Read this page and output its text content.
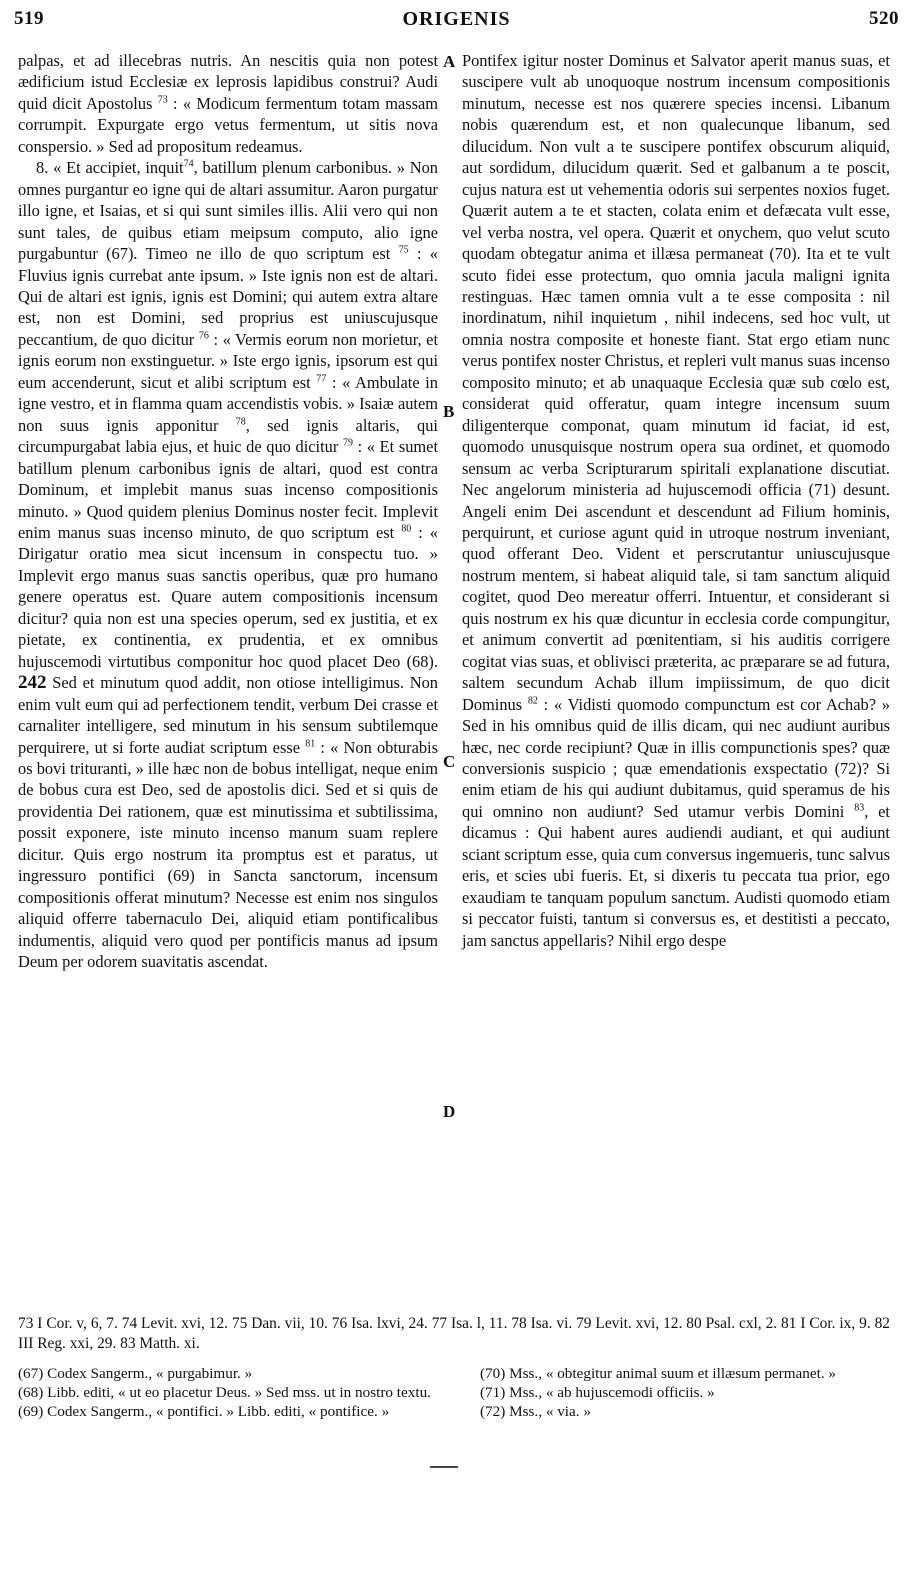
519	ORIGENIS	520

palpas, et ad illecebras nutris. An nescitis quia non potest ædificium istud Ecclesiæ ex leprosis lapidibus construi? Audi quid dicit Apostolus $^{73}$ : « Modicum fermentum totam massam corrumpit. Expurgate ergo vetus fermentum, ut sitis nova conspersio. » Sed ad propositum redeamus.

8. « Et accipiet, inquit$^{74}$, batillum plenum carbonibus. » Non omnes purgantur eo igne qui de altari assumitur. Aaron purgatur illo igne, et Isaias, et si qui sunt similes illis. Alii vero qui non sunt tales, de quibus etiam meipsum computo, alio igne purgabuntur (67). Timeo ne illo de quo scriptum est $^{75}$ : « Fluvius ignis currebat ante ipsum. » Iste ignis non est de altari. Qui de altari est ignis, ignis est Domini; qui autem extra altare est, non est Domini, sed proprius est uniuscujusque peccantium, de quo dicitur $^{76}$ : « Vermis eorum non morietur, et ignis eorum non exstinguetur. » Iste ergo ignis, ipsorum est qui eum accenderunt, sicut et alibi scriptum est $^{77}$ : « Ambulate in igne vestro, et in flamma quam accendistis vobis. » Isaiæ autem non suus ignis apponitur $^{78}$, sed ignis altaris, qui circumpurgabat labia ejus, et huic de quo dicitur $^{79}$ : « Et sumet batillum plenum carbonibus ignis de altari, quod est contra Dominum, et implebit manus suas incenso compositionis minuto. » Quod quidem plenius Dominus noster fecit. Implevit enim manus suas incenso minuto, de quo scriptum est $^{80}$ : « Dirigatur oratio mea sicut incensum in conspectu tuo. » Implevit ergo manus suas sanctis operibus, quæ pro humano genere operatus est. Quare autem compositionis incensum dicitur? quia non est una species operum, sed ex justitia, et ex pietate, ex continentia, ex prudentia, et ex omnibus hujuscemodi virtutibus componitur hoc quod placet Deo (68). 242 Sed et minutum quod addit, non otiose intelligimus. Non enim vult eum qui ad perfectionem tendit, verbum Dei crasse et carnaliter intelligere, sed minutum in his sensum subtilemque perquirere, ut si forte audiat scriptum esse $^{81}$ : « Non obturabis os bovi trituranti, » ille hæc non de bobus intelligat, neque enim de bobus cura est Deo, sed de apostolis dici. Sed et si quis de providentia Dei rationem, quæ est minutissima et subtilissima, possit exponere, iste minuto incenso manum suam replere dicitur. Quis ergo nostrum ita promptus est et paratus, ut ingressuro pontifici (69) in Sancta sanctorum, incensum compositionis offerat minutum? Necesse est enim nos singulos aliquid offerre tabernaculo Dei, aliquid etiam pontificalibus indumentis, aliquid vero quod per pontificis manus ad ipsum Deum per odorem suavitatis ascendat.

A
B
C
D

Pontifex igitur noster Dominus et Salvator aperit manus suas, et suscipere vult ab unoquoque nostrum incensum compositionis minutum, necesse est nos quærere species incensi. Libanum nobis quærendum est, et non qualecunque libanum, sed dilucidum. Non vult a te suscipere pontifex obscurum aliquid, aut sordidum, dilucidum quærit. Sed et galbanum a te poscit, cujus natura est ut vehementia odoris sui serpentes noxios fuget. Quærit autem a te et stacten, colata enim et defæcata vult esse, vel verba nostra, vel opera. Quærit et onychem, quo velut scuto quodam obtegatur anima et illæsa permaneat (70). Ita et te vult scuto fidei esse protectum, quo omnia jacula maligni ignita restinguas. Hæc tamen omnia vult a te esse composita : nil inordinatum, nihil inquietum , nihil indecens, sed hoc vult, ut omnia nostra composite et honeste fiant. Stat ergo etiam nunc verus pontifex noster Christus, et repleri vult manus suas incenso composito minuto; et ab unaquaque Ecclesia quæ sub cœlo est, considerat quid offeratur, quam integre incensum suum diligenterque componat, quam minutum id faciat, id est, quomodo unusquisque nostrum opera sua ordinet, et quomodo sensum ac verba Scripturarum spiritali explanatione discutiat. Nec angelorum ministeria ad hujuscemodi officia (71) desunt. Angeli enim Dei ascendunt et descendunt ad Filium hominis, perquirunt, et curiose agunt quid in utroque nostrum inveniant, quod offerant Deo. Vident et perscrutantur uniuscujusque nostrum mentem, si habeat aliquid tale, si tam sanctum aliquid cogitet, quod Deo mereatur offerri. Intuentur, et considerant si quis nostrum ex his quæ dicuntur in ecclesia corde compungitur, et animum convertit ad pœnitentiam, si his auditis corrigere cogitat vias suas, et oblivisci præterita, ac præparare se ad futura, saltem secundum Achab illum impiissimum, de quo dicit Dominus $^{82}$ : « Vidisti quomodo compunctum est cor Achab? » Sed in his omnibus quid de illis dicam, qui nec audiunt auribus hæc, nec corde recipiunt? Quæ in illis compunctionis spes? quæ conversionis suspicio ; quæ emendationis exspectatio (72)? Si enim etiam de his qui audiunt dubitamus, quid speramus de his qui omnino non audiunt? Sed utamur verbis Domini $^{83}$, et dicamus : Qui habent aures audiendi audiant, et qui audiunt sciant scriptum esse, quia cum conversus ingemueris, tunc salvus eris, et scies ubi fueris. Et, si dixeris tu peccata tua prior, ego exaudiam te tanquam populum sanctum. Audisti quomodo etiam si peccator fuisti, tantum si conversus es, et destitisti a peccato, jam sanctus appellaris? Nihil ergo despe

73 I Cor. v, 6, 7. 74 Levit. xvi, 12. 75 Dan. vii, 10. 76 Isa. lxvi, 24. 77 Isa. l, 11. 78 Isa. vi. 79 Levit. xvi, 12. 80 Psal. cxl, 2. 81 I Cor. ix, 9. 82 III Reg. xxi, 29. 83 Matth. xi.

(67) Codex Sangerm., « purgabimur. »

(68) Libb. editi, « ut eo placetur Deus. » Sed mss. ut in nostro textu.

(69) Codex Sangerm., « pontifici. » Libb. editi, « pontifice. »

(70) Mss., « obtegitur animal suum et illæsum permanet. »

(71) Mss., « ab hujuscemodi officiis. »

(72) Mss., « via. »
